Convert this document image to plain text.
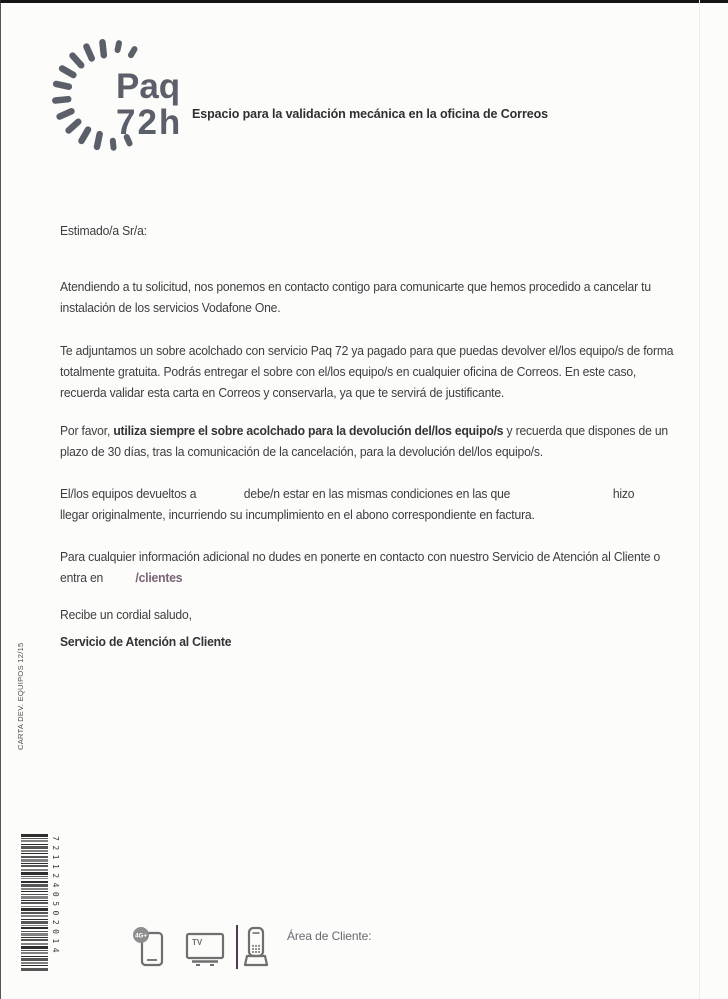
Paq
72h Espacio para la validación mecánica en la oficina de Correos
Estimado/a Sr/a:
Atendiendo a tu solicitud, nos ponemos en contacto contigo para comunicarte que hemos procedido a cancelar tu
instalación de los servicios Vodafone One.
Te adjuntamos un sobre acolchado con servicio Paq 72 ya pagado para que puedas devolver el/los equipo/s de forma
totalmente gratuita. Podrás entregar el sobre con el/los equipo/s en cualquier oficina de Correos. En este caso,
recuerda validar esta carta en Correos y conservarla, ya que te servirá de justificante.
Por favor, utiliza siempre el sobre acolchado para la devolución del/los equipo/s y recuerda que dispones de un
plazo de 30 días, tras la comunicación de la cancelación, para la devolución del/los equipo/s.
El/los equipos devueltos a	debe/n estar en las mismas condiciones en las que	hizo
llegar originalmente, incurriendo su incumplimiento en el abono correspondiente en factura.
Para cualquier información adicional no dudes en ponerte en contacto con nuestro Servicio de Atención al Cliente o
entra en	/clientes
Recibe un cordial saludo,
Servicio de Atención al Cliente
CARTA DEV. EQUIPOS 12/15
7211240502014	4G+
TV	Área de Cliente:
